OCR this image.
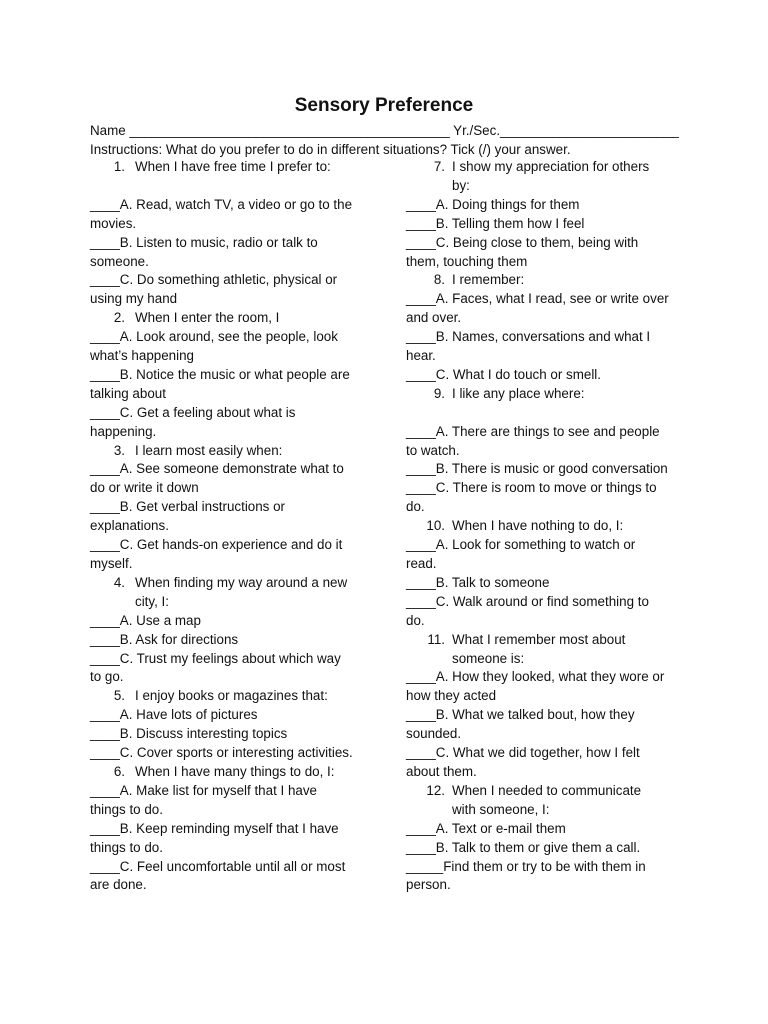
Sensory Preference
Name ___________________________________________ Yr./Sec.________________________
Instructions: What do you prefer to do in different situations? Tick (/) your answer.
1. When I have free time I prefer to:
____A. Read, watch TV, a video or go to the
movies.
____B. Listen to music, radio or talk to
someone.
____C. Do something athletic, physical or
using my hand
2. When I enter the room, I
____A. Look around, see the people, look
what’s happening
____B. Notice the music or what people are
talking about
____C. Get a feeling about what is
happening.
3. I learn most easily when:
____A. See someone demonstrate what to
do or write it down
____B. Get verbal instructions or
explanations.
____C. Get hands-on experience and do it
myself.
4. When finding my way around a new
city, I:
____A. Use a map
____B. Ask for directions
____C. Trust my feelings about which way
to go.
5. I enjoy books or magazines that:
____A. Have lots of pictures
____B. Discuss interesting topics
____C. Cover sports or interesting activities.
6. When I have many things to do, I:
____A. Make list for myself that I have
things to do.
____B. Keep reminding myself that I have
things to do.
____C. Feel uncomfortable until all or most
are done.
7. I show my appreciation for others
by:
____A. Doing things for them
____B. Telling them how I feel
____C. Being close to them, being with
them, touching them
8. I remember:
____A. Faces, what I read, see or write over
and over.
____B. Names, conversations and what I
hear.
____C. What I do touch or smell.
9. I like any place where:
____A. There are things to see and people
to watch.
____B. There is music or good conversation
____C. There is room to move or things to
do.
10. When I have nothing to do, I:
____A. Look for something to watch or
read.
____B. Talk to someone
____C. Walk around or find something to
do.
11. What I remember most about
someone is:
____A. How they looked, what they wore or
how they acted
____B. What we talked bout, how they
sounded.
____C. What we did together, how I felt
about them.
12. When I needed to communicate
with someone, I:
____A. Text or e-mail them
____B. Talk to them or give them a call.
_____Find them or try to be with them in
person.
